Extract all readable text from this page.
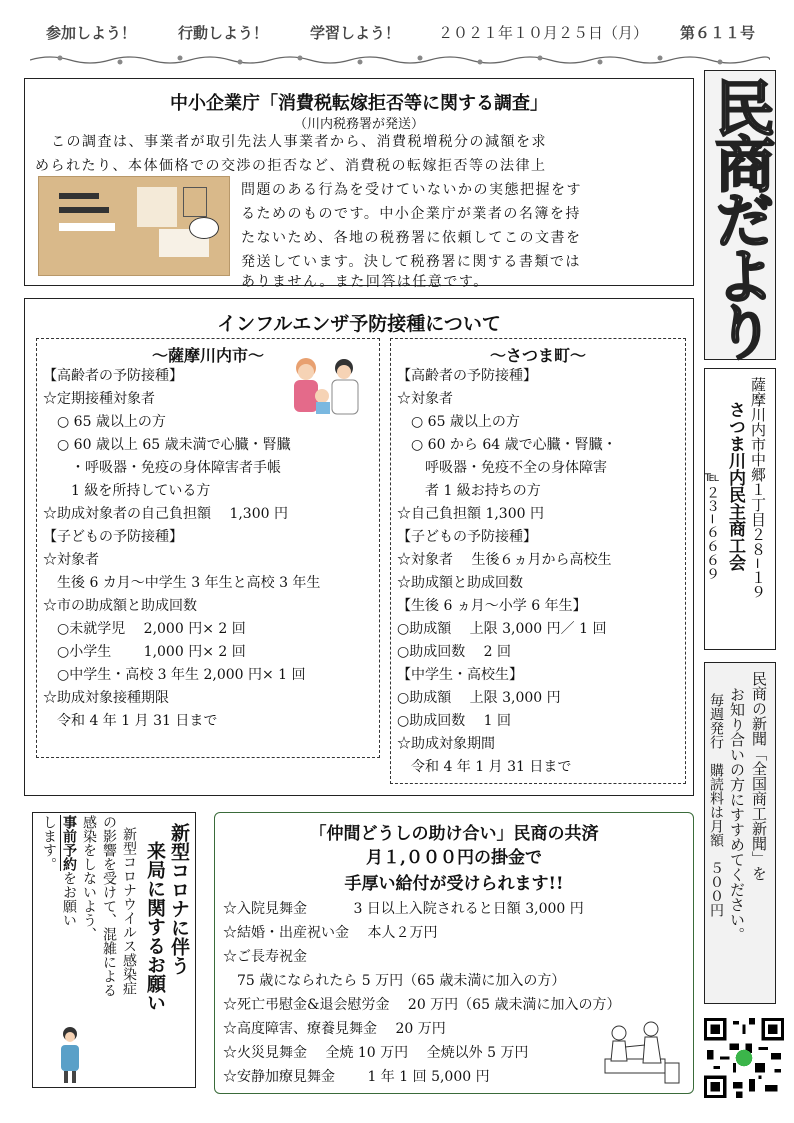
参加しよう！	行動しよう！	学習しよう！	２０２１年１０月２５日（月） 第６１１号
民商だより
薩摩川内市中郷１丁目２８−１９
さつま川内民主商工会
℡２３−６６６９
中小企業庁「消費税転嫁拒否等に関する調査」
（川内税務署が発送）
この調査は、事業者が取引先法人事業者から、消費税増税分の減額を求
められたり、本体価格での交渉の拒否など、消費税の転嫁拒否等の法律上
問題のある行為を受けていないかの実態把握をす
るためのものです。中小企業庁が業者の名簿を持
たないため、各地の税務署に依頼してこの文書を
発送しています。決して税務署に関する書類では
ありません。また回答は任意です。
インフルエンザ予防接種について
〜薩摩川内市〜
【高齢者の予防接種】
☆定期接種対象者
　○ 65 歳以上の方
　○ 60 歳以上 65 歳未満で心臓・腎臓
　　・呼吸器・免疫の身体障害者手帳
　　1 級を所持している方
☆助成対象者の自己負担額　 1,300 円
【子どもの予防接種】
☆対象者
　生後 6 カ月〜中学生 3 年生と高校 3 年生
☆市の助成額と助成回数
　○未就学児　 2,000 円× 2 回
　○小学生　　 1,000 円× 2 回
　○中学生・高校 3 年生 2,000 円× 1 回
☆助成対象接種期限
　令和 4 年 1 月 31 日まで
〜さつま町〜
【高齢者の予防接種】
☆対象者
　○ 65 歳以上の方
　○ 60 から 64 歳で心臓・腎臓・
　　呼吸器・免疫不全の身体障害
　　者 1 級お持ちの方
☆自己負担額 1,300 円
【子どもの予防接種】
☆対象者　 生後６ヵ月から高校生
☆助成額と助成回数
【生後 6 ヵ月〜小学 6 年生】
○助成額　 上限 3,000 円／ 1 回
○助成回数　 2 回
【中学生・高校生】
○助成額　 上限 3,000 円
○助成回数　 1 回
☆助成対象期間
　令和 4 年 1 月 31 日まで	民商の新聞「全国商工新聞」を
お知り合いの方にすすめてください。
毎週発行　購読料は月額　５００円
新型コロナに伴う
来局に関するお願い
新型コロナウイルス感染症
の影響を受けて、混雑による
感染をしないよう、
事前予約をお願い
します。	「仲間どうしの助け合い」民商の共済
月１,０００円の掛金で
手厚い給付が受けられます!!
☆入院見舞金　　　 3 日以上入院されると日額 3,000 円
☆結婚・出産祝い金　 本人２万円
☆ご長寿祝金
　75 歳になられたら 5 万円（65 歳未満に加入の方）
☆死亡弔慰金&退会慰労金　 20 万円（65 歳未満に加入の方）
☆高度障害、療養見舞金　 20 万円
☆火災見舞金　 全焼 10 万円　 全焼以外 5 万円
☆安静加療見舞金　　 1 年 1 回 5,000 円
